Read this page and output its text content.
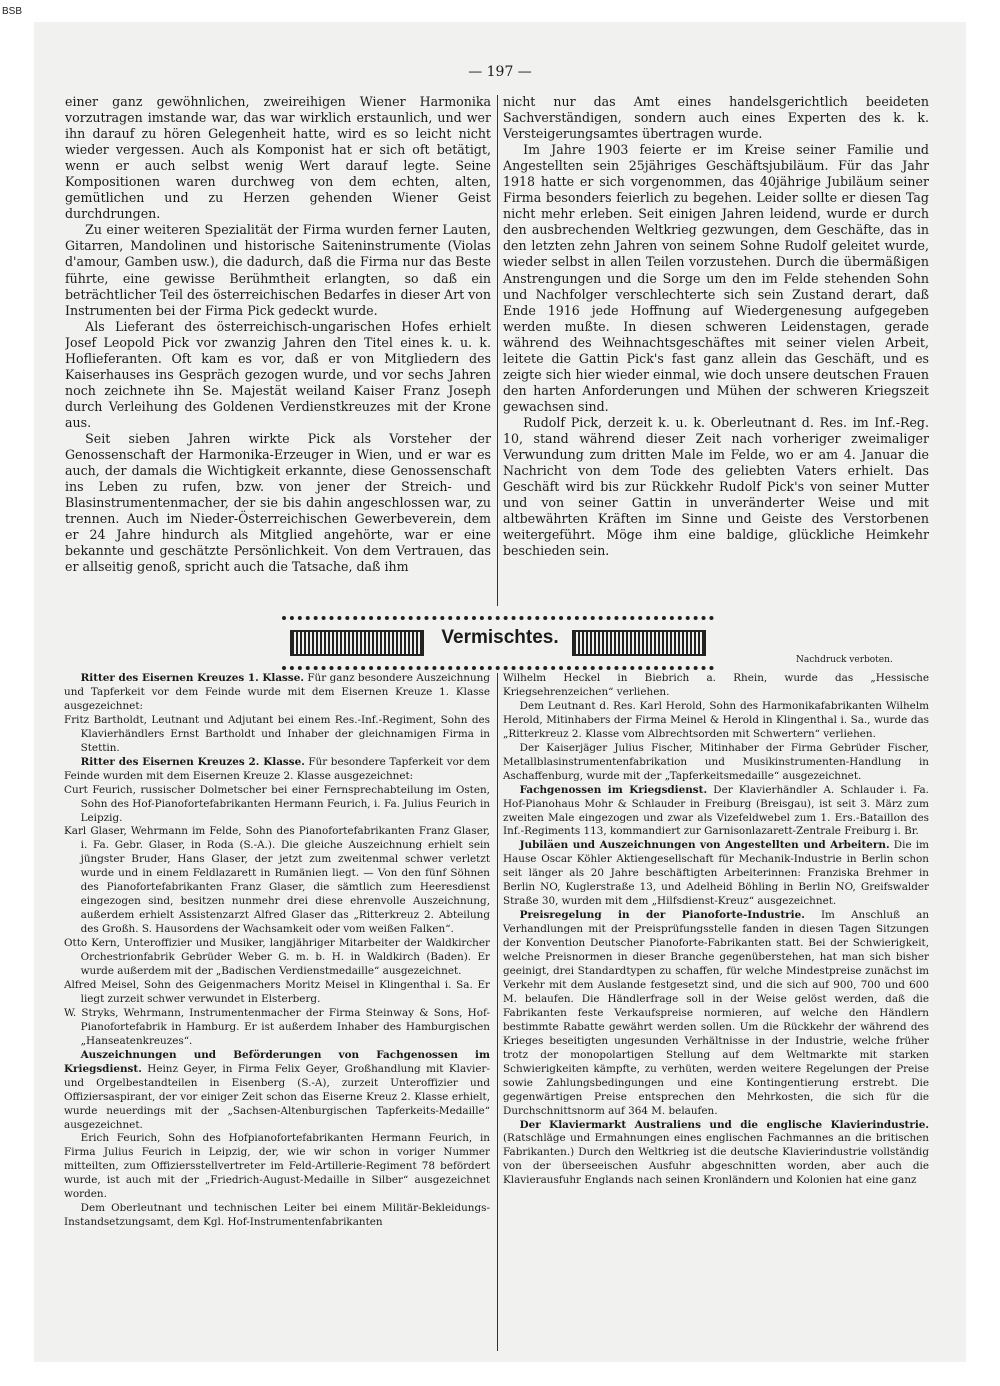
BSB
— 197 —

einer ganz gewöhnlichen, zweireihigen Wiener Harmonika vorzutragen imstande war, das war wirklich erstaunlich, und wer ihn darauf zu hören Gelegenheit hatte, wird es so leicht nicht wieder vergessen. Auch als Komponist hat er sich oft betätigt, wenn er auch selbst wenig Wert darauf legte. Seine Kompositionen waren durchweg von dem echten, alten, gemütlichen und zu Herzen gehenden Wiener Geist durchdrungen.

Zu einer weiteren Spezialität der Firma wurden ferner Lauten, Gitarren, Mandolinen und historische Saiteninstrumente (Violas d'amour, Gamben usw.), die dadurch, daß die Firma nur das Beste führte, eine gewisse Berühmtheit erlangten, so daß ein beträchtlicher Teil des österreichischen Bedarfes in dieser Art von Instrumenten bei der Firma Pick gedeckt wurde.

Als Lieferant des österreichisch-ungarischen Hofes erhielt Josef Leopold Pick vor zwanzig Jahren den Titel eines k. u. k. Hoflieferanten. Oft kam es vor, daß er von Mitgliedern des Kaiserhauses ins Gespräch gezogen wurde, und vor sechs Jahren noch zeichnete ihn Se. Majestät weiland Kaiser Franz Joseph durch Verleihung des Goldenen Verdienstkreuzes mit der Krone aus.

Seit sieben Jahren wirkte Pick als Vorsteher der Genossenschaft der Harmonika-Erzeuger in Wien, und er war es auch, der damals die Wichtigkeit erkannte, diese Genossenschaft ins Leben zu rufen, bzw. von jener der Streich- und Blasinstrumentenmacher, der sie bis dahin angeschlossen war, zu trennen. Auch im Nieder-Österreichischen Gewerbeverein, dem er 24 Jahre hindurch als Mitglied angehörte, war er eine bekannte und geschätzte Persönlichkeit. Von dem Vertrauen, das er allseitig genoß, spricht auch die Tatsache, daß ihm

nicht nur das Amt eines handelsgerichtlich beeideten Sachverständigen, sondern auch eines Experten des k. k. Versteigerungsamtes übertragen wurde.

Im Jahre 1903 feierte er im Kreise seiner Familie und Angestellten sein 25jähriges Geschäftsjubiläum. Für das Jahr 1918 hatte er sich vorgenommen, das 40jährige Jubiläum seiner Firma besonders feierlich zu begehen. Leider sollte er diesen Tag nicht mehr erleben. Seit einigen Jahren leidend, wurde er durch den ausbrechenden Weltkrieg gezwungen, dem Geschäfte, das in den letzten zehn Jahren von seinem Sohne Rudolf geleitet wurde, wieder selbst in allen Teilen vorzustehen. Durch die übermäßigen Anstrengungen und die Sorge um den im Felde stehenden Sohn und Nachfolger verschlechterte sich sein Zustand derart, daß Ende 1916 jede Hoffnung auf Wiedergenesung aufgegeben werden mußte. In diesen schweren Leidenstagen, gerade während des Weihnachtsgeschäftes mit seiner vielen Arbeit, leitete die Gattin Pick's fast ganz allein das Geschäft, und es zeigte sich hier wieder einmal, wie doch unsere deutschen Frauen den harten Anforderungen und Mühen der schweren Kriegszeit gewachsen sind.

Rudolf Pick, derzeit k. u. k. Oberleutnant d. Res. im Inf.-Reg. 10, stand während dieser Zeit nach vorheriger zweimaliger Verwundung zum dritten Male im Felde, wo er am 4. Januar die Nachricht von dem Tode des geliebten Vaters erhielt. Das Geschäft wird bis zur Rückkehr Rudolf Pick's von seiner Mutter und von seiner Gattin in unveränderter Weise und mit altbewährten Kräften im Sinne und Geiste des Verstorbenen weitergeführt. Möge ihm eine baldige, glückliche Heimkehr beschieden sein.

Vermischtes.
Nachdruck verboten.

Ritter des Eisernen Kreuzes 1. Klasse. Für ganz besondere Auszeichnung und Tapferkeit vor dem Feinde wurde mit dem Eisernen Kreuze 1. Klasse ausgezeichnet:

Fritz Bartholdt, Leutnant und Adjutant bei einem Res.-Inf.-Regiment, Sohn des Klavierhändlers Ernst Bartholdt und Inhaber der gleichnamigen Firma in Stettin.

Ritter des Eisernen Kreuzes 2. Klasse. Für besondere Tapferkeit vor dem Feinde wurden mit dem Eisernen Kreuze 2. Klasse ausgezeichnet:

Curt Feurich, russischer Dolmetscher bei einer Fernsprechabteilung im Osten, Sohn des Hof-Pianofortefabrikanten Hermann Feurich, i. Fa. Julius Feurich in Leipzig.

Karl Glaser, Wehrmann im Felde, Sohn des Pianofortefabrikanten Franz Glaser, i. Fa. Gebr. Glaser, in Roda (S.-A.). Die gleiche Auszeichnung erhielt sein jüngster Bruder, Hans Glaser, der jetzt zum zweitenmal schwer verletzt wurde und in einem Feldlazarett in Rumänien liegt. — Von den fünf Söhnen des Pianofortefabrikanten Franz Glaser, die sämtlich zum Heeresdienst eingezogen sind, besitzen nunmehr drei diese ehrenvolle Auszeichnung, außerdem erhielt Assistenzarzt Alfred Glaser das „Ritterkreuz 2. Abteilung des Großh. S. Hausordens der Wachsamkeit oder vom weißen Falken“.

Otto Kern, Unteroffizier und Musiker, langjähriger Mitarbeiter der Waldkircher Orchestrionfabrik Gebrüder Weber G. m. b. H. in Waldkirch (Baden). Er wurde außerdem mit der „Badischen Verdienstmedaille“ ausgezeichnet.

Alfred Meisel, Sohn des Geigenmachers Moritz Meisel in Klingenthal i. Sa. Er liegt zurzeit schwer verwundet in Elsterberg.

W. Stryks, Wehrmann, Instrumentenmacher der Firma Steinway & Sons, Hof-Pianofortefabrik in Hamburg. Er ist außerdem Inhaber des Hamburgischen „Hanseatenkreuzes“.

Auszeichnungen und Beförderungen von Fachgenossen im Kriegsdienst. Heinz Geyer, in Firma Felix Geyer, Großhandlung mit Klavier- und Orgelbestandteilen in Eisenberg (S.-A), zurzeit Unteroffizier und Offiziersaspirant, der vor einiger Zeit schon das Eiserne Kreuz 2. Klasse erhielt, wurde neuerdings mit der „Sachsen-Altenburgischen Tapferkeits-Medaille“ ausgezeichnet.

Erich Feurich, Sohn des Hofpianofortefabrikanten Hermann Feurich, in Firma Julius Feurich in Leipzig, der, wie wir schon in voriger Nummer mitteilten, zum Offiziersstellvertreter im Feld-Artillerie-Regiment 78 befördert wurde, ist auch mit der „Friedrich-August-Medaille in Silber“ ausgezeichnet worden.

Dem Oberleutnant und technischen Leiter bei einem Militär-Bekleidungs-Instandsetzungsamt, dem Kgl. Hof-Instrumentenfabrikanten

Wilhelm Heckel in Biebrich a. Rhein, wurde das „Hessische Kriegsehrenzeichen“ verliehen.

Dem Leutnant d. Res. Karl Herold, Sohn des Harmonikafabrikanten Wilhelm Herold, Mitinhabers der Firma Meinel & Herold in Klingenthal i. Sa., wurde das „Ritterkreuz 2. Klasse vom Albrechtsorden mit Schwertern“ verliehen.

Der Kaiserjäger Julius Fischer, Mitinhaber der Firma Gebrüder Fischer, Metallblasinstrumentenfabrikation und Musikinstrumenten-Handlung in Aschaffenburg, wurde mit der „Tapferkeitsmedaille“ ausgezeichnet.

Fachgenossen im Kriegsdienst. Der Klavierhändler A. Schlauder i. Fa. Hof-Pianohaus Mohr & Schlauder in Freiburg (Breisgau), ist seit 3. März zum zweiten Male eingezogen und zwar als Vizefeldwebel zum 1. Ers.-Bataillon des Inf.-Regiments 113, kommandiert zur Garnisonlazarett-Zentrale Freiburg i. Br.

Jubiläen und Auszeichnungen von Angestellten und Arbeitern. Die im Hause Oscar Köhler Aktiengesellschaft für Mechanik-Industrie in Berlin schon seit länger als 20 Jahre beschäftigten Arbeiterinnen: Franziska Brehmer in Berlin NO, Kuglerstraße 13, und Adelheid Böhling in Berlin NO, Greifswalder Straße 30, wurden mit dem „Hilfsdienst-Kreuz“ ausgezeichnet.

Preisregelung in der Pianoforte-Industrie. Im Anschluß an Verhandlungen mit der Preisprüfungsstelle fanden in diesen Tagen Sitzungen der Konvention Deutscher Pianoforte-Fabrikanten statt. Bei der Schwierigkeit, welche Preisnormen in dieser Branche gegenüberstehen, hat man sich bisher geeinigt, drei Standardtypen zu schaffen, für welche Mindestpreise zunächst im Verkehr mit dem Auslande festgesetzt sind, und die sich auf 900, 700 und 600 M. belaufen. Die Händlerfrage soll in der Weise gelöst werden, daß die Fabrikanten feste Verkaufspreise normieren, auf welche den Händlern bestimmte Rabatte gewährt werden sollen. Um die Rückkehr der während des Krieges beseitigten ungesunden Verhältnisse in der Industrie, welche früher trotz der monopolartigen Stellung auf dem Weltmarkte mit starken Schwierigkeiten kämpfte, zu verhüten, werden weitere Regelungen der Preise sowie Zahlungsbedingungen und eine Kontingentierung erstrebt. Die gegenwärtigen Preise entsprechen den Mehrkosten, die sich für die Durchschnittsnorm auf 364 M. belaufen.

Der Klaviermarkt Australiens und die englische Klavierindustrie. (Ratschläge und Ermahnungen eines englischen Fachmannes an die britischen Fabrikanten.) Durch den Weltkrieg ist die deutsche Klavierindustrie vollständig von der überseeischen Ausfuhr abgeschnitten worden, aber auch die Klavierausfuhr Englands nach seinen Kronländern und Kolonien hat eine ganz
